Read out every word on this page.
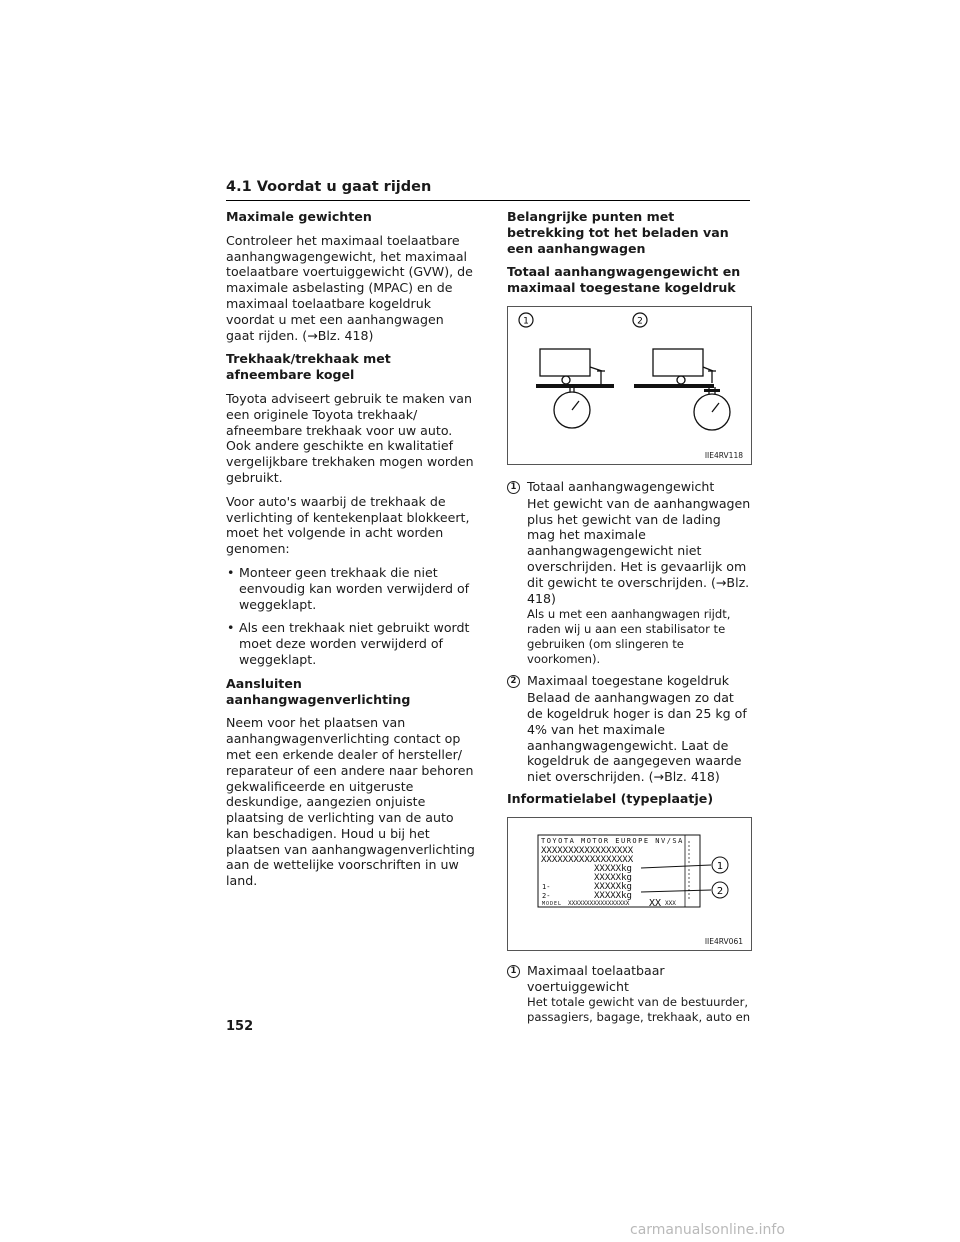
4.1 Voordat u gaat rijden
Maximale gewichten

Controleer het maximaal toelaatbare aanhangwagengewicht, het maximaal toelaatbare voertuiggewicht (GVW), de maximale asbelasting (MPAC) en de maximaal toelaatbare kogeldruk voordat u met een aanhangwagen gaat rijden. (→Blz. 418)

Trekhaak/trekhaak met afneembare kogel

Toyota adviseert gebruik te maken van een originele Toyota trekhaak/ afneembare trekhaak voor uw auto. Ook andere geschikte en kwalitatief vergelijkbare trekhaken mogen worden gebruikt.

Voor auto's waarbij de trekhaak de verlichting of kentekenplaat blokkeert, moet het volgende in acht worden genomen:

• Monteer geen trekhaak die niet eenvoudig kan worden verwijderd of weggeklapt.
• Als een trekhaak niet gebruikt wordt moet deze worden verwijderd of weggeklapt.
Aansluiten aanhangwagenverlichting

Neem voor het plaatsen van aanhangwagenverlichting contact op met een erkende dealer of hersteller/ reparateur of een andere naar behoren gekwalificeerde en uitgeruste deskundige, aangezien onjuiste plaatsing de verlichting van de auto kan beschadigen. Houd u bij het plaatsen van aanhangwagenverlichting aan de wettelijke voorschriften in uw land.

Belangrijke punten met betrekking tot het beladen van een aanhangwagen
Totaal aanhangwagengewicht en maximaal toegestane kogeldruk
1	2
IIE4RV118
1 Totaal aanhangwagengewicht
Het gewicht van de aanhangwagen plus het gewicht van de lading mag het maximale aanhangwagengewicht niet overschrijden. Het is gevaarlijk om dit gewicht te overschrijden. (→Blz. 418)
Als u met een aanhangwagen rijdt, raden wij u aan een stabilisator te gebruiken (om slingeren te voorkomen).
2 Maximaal toegestane kogeldruk
Belaad de aanhangwagen zo dat de kogeldruk hoger is dan 25 kg of 4% van het maximale aanhangwagengewicht. Laat de kogeldruk de aangegeven waarde niet overschrijden. (→Blz. 418)
Informatielabel (typeplaatje)
TOYOTA MOTOR EUROPE NV/SA
XXXXXXXXXXXXXXXXX
XXXXXXXXXXXXXXXXX
XXXXXkg
XXXXXkg
XXXXXkg
XXXXXkg
1-
2-
MODEL XXXXXXXXXXXXXXXXX XX XXX
1
2
IIE4RV061
1 Maximaal toelaatbaar voertuiggewicht
Het totale gewicht van de bestuurder, passagiers, bagage, trekhaak, auto en
152
carmanualsonline.info
